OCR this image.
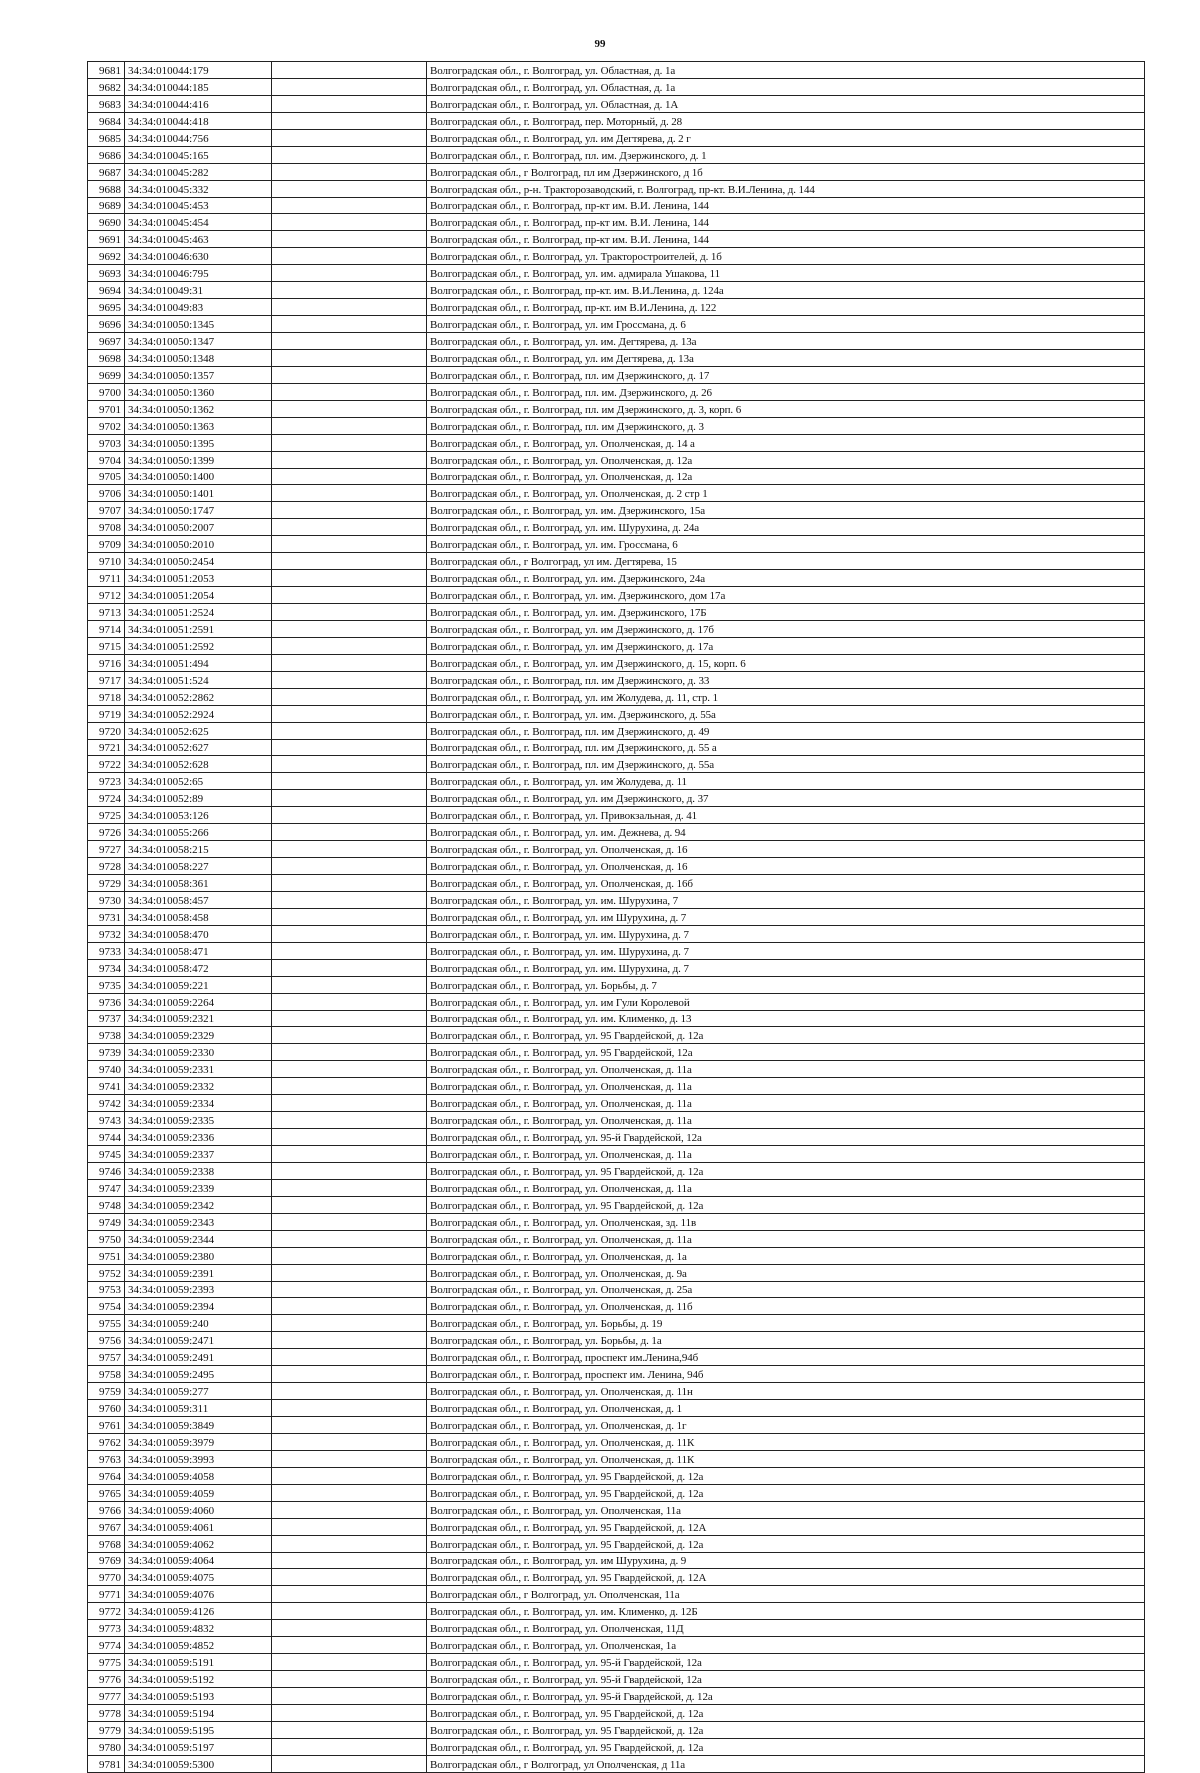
99
9681	34:34:010044:179		Волгоградская обл., г. Волгоград, ул. Областная, д. 1а
9682	34:34:010044:185		Волгоградская обл., г. Волгоград, ул. Областная, д. 1а
9683	34:34:010044:416		Волгоградская обл., г. Волгоград, ул. Областная, д. 1А
9684	34:34:010044:418		Волгоградская обл., г. Волгоград, пер. Моторный, д. 28
9685	34:34:010044:756		Волгоградская обл., г. Волгоград, ул. им Дегтярева, д. 2 г
9686	34:34:010045:165		Волгоградская обл., г. Волгоград, пл. им. Дзержинского, д. 1
9687	34:34:010045:282		Волгоградская обл., г Волгоград, пл им Дзержинского, д 1б
9688	34:34:010045:332		Волгоградская обл., р-н. Тракторозаводский, г. Волгоград, пр-кт. В.И.Ленина, д. 144
9689	34:34:010045:453		Волгоградская обл., г. Волгоград, пр-кт им. В.И. Ленина, 144
9690	34:34:010045:454		Волгоградская обл., г. Волгоград, пр-кт им. В.И. Ленина, 144
9691	34:34:010045:463		Волгоградская обл., г. Волгоград, пр-кт им. В.И. Ленина, 144
9692	34:34:010046:630		Волгоградская обл., г. Волгоград, ул. Тракторостроителей, д. 1б
9693	34:34:010046:795		Волгоградская обл., г. Волгоград, ул. им. адмирала Ушакова, 11
9694	34:34:010049:31		Волгоградская обл., г. Волгоград, пр-кт. им. В.И.Ленина, д. 124а
9695	34:34:010049:83		Волгоградская обл., г. Волгоград, пр-кт. им В.И.Ленина, д. 122
9696	34:34:010050:1345		Волгоградская обл., г. Волгоград, ул. им Гроссмана, д. 6
9697	34:34:010050:1347		Волгоградская обл., г. Волгоград, ул. им. Дегтярева, д. 13а
9698	34:34:010050:1348		Волгоградская обл., г. Волгоград, ул. им Дегтярева, д. 13а
9699	34:34:010050:1357		Волгоградская обл., г. Волгоград, пл. им Дзержинского, д. 17
9700	34:34:010050:1360		Волгоградская обл., г. Волгоград, пл. им. Дзержинского, д. 26
9701	34:34:010050:1362		Волгоградская обл., г. Волгоград, пл. им Дзержинского, д. 3, корп. 6
9702	34:34:010050:1363		Волгоградская обл., г. Волгоград, пл. им Дзержинского, д. 3
9703	34:34:010050:1395		Волгоградская обл., г. Волгоград, ул. Ополченская, д. 14 а
9704	34:34:010050:1399		Волгоградская обл., г. Волгоград, ул. Ополченская, д. 12а
9705	34:34:010050:1400		Волгоградская обл., г. Волгоград, ул. Ополченская, д. 12а
9706	34:34:010050:1401		Волгоградская обл., г. Волгоград, ул. Ополченская, д. 2 стр 1
9707	34:34:010050:1747		Волгоградская обл., г. Волгоград, ул. им. Дзержинского, 15а
9708	34:34:010050:2007		Волгоградская обл., г. Волгоград, ул. им. Шурухина, д. 24а
9709	34:34:010050:2010		Волгоградская обл., г. Волгоград, ул. им. Гроссмана, 6
9710	34:34:010050:2454		Волгоградская обл., г Волгоград, ул им. Дегтярева, 15
9711	34:34:010051:2053		Волгоградская обл., г. Волгоград, ул. им. Дзержинского, 24а
9712	34:34:010051:2054		Волгоградская обл., г. Волгоград, ул. им. Дзержинского, дом 17а
9713	34:34:010051:2524		Волгоградская обл., г. Волгоград, ул. им. Дзержинского, 17Б
9714	34:34:010051:2591		Волгоградская обл., г. Волгоград, ул. им Дзержинского, д. 17б
9715	34:34:010051:2592		Волгоградская обл., г. Волгоград, ул. им Дзержинского, д. 17а
9716	34:34:010051:494		Волгоградская обл., г. Волгоград, ул. им Дзержинского, д. 15, корп. 6
9717	34:34:010051:524		Волгоградская обл., г. Волгоград, пл. им Дзержинского, д. 33
9718	34:34:010052:2862		Волгоградская обл., г. Волгоград, ул. им Жолудева, д. 11, стр. 1
9719	34:34:010052:2924		Волгоградская обл., г. Волгоград, ул. им. Дзержинского, д. 55а
9720	34:34:010052:625		Волгоградская обл., г. Волгоград, пл. им Дзержинского, д. 49
9721	34:34:010052:627		Волгоградская обл., г. Волгоград, пл. им Дзержинского, д. 55 а
9722	34:34:010052:628		Волгоградская обл., г. Волгоград, пл. им Дзержинского, д. 55а
9723	34:34:010052:65		Волгоградская обл., г. Волгоград, ул. им Жолудева, д. 11
9724	34:34:010052:89		Волгоградская обл., г. Волгоград, ул. им Дзержинского, д. 37
9725	34:34:010053:126		Волгоградская обл., г. Волгоград, ул. Привокзальная, д. 41
9726	34:34:010055:266		Волгоградская обл., г. Волгоград, ул. им. Дежнева, д. 94
9727	34:34:010058:215		Волгоградская обл., г. Волгоград, ул. Ополченская, д. 16
9728	34:34:010058:227		Волгоградская обл., г. Волгоград, ул. Ополченская, д. 16
9729	34:34:010058:361		Волгоградская обл., г. Волгоград, ул. Ополченская, д. 16б
9730	34:34:010058:457		Волгоградская обл., г. Волгоград, ул. им. Шурухина, 7
9731	34:34:010058:458		Волгоградская обл., г. Волгоград, ул. им Шурухина, д. 7
9732	34:34:010058:470		Волгоградская обл., г. Волгоград, ул. им. Шурухина, д. 7
9733	34:34:010058:471		Волгоградская обл., г. Волгоград, ул. им. Шурухина, д. 7
9734	34:34:010058:472		Волгоградская обл., г. Волгоград, ул. им. Шурухина, д. 7
9735	34:34:010059:221		Волгоградская обл., г. Волгоград, ул. Борьбы, д. 7
9736	34:34:010059:2264		Волгоградская обл., г. Волгоград, ул. им Гули Королевой
9737	34:34:010059:2321		Волгоградская обл., г. Волгоград, ул. им. Клименко, д. 13
9738	34:34:010059:2329		Волгоградская обл., г. Волгоград, ул. 95 Гвардейской, д. 12а
9739	34:34:010059:2330		Волгоградская обл., г. Волгоград, ул. 95 Гвардейской, 12а
9740	34:34:010059:2331		Волгоградская обл., г. Волгоград, ул. Ополченская, д. 11а
9741	34:34:010059:2332		Волгоградская обл., г. Волгоград, ул. Ополченская, д. 11а
9742	34:34:010059:2334		Волгоградская обл., г. Волгоград, ул. Ополченская, д. 11а
9743	34:34:010059:2335		Волгоградская обл., г. Волгоград, ул. Ополченская, д. 11а
9744	34:34:010059:2336		Волгоградская обл., г. Волгоград, ул. 95-й Гвардейской, 12а
9745	34:34:010059:2337		Волгоградская обл., г. Волгоград, ул. Ополченская, д. 11а
9746	34:34:010059:2338		Волгоградская обл., г. Волгоград, ул. 95 Гвардейской, д. 12а
9747	34:34:010059:2339		Волгоградская обл., г. Волгоград, ул. Ополченская, д. 11а
9748	34:34:010059:2342		Волгоградская обл., г. Волгоград, ул. 95 Гвардейской, д. 12а
9749	34:34:010059:2343		Волгоградская обл., г. Волгоград, ул. Ополченская, зд. 11в
9750	34:34:010059:2344		Волгоградская обл., г. Волгоград, ул. Ополченская, д. 11а
9751	34:34:010059:2380		Волгоградская обл., г. Волгоград, ул. Ополченская, д. 1а
9752	34:34:010059:2391		Волгоградская обл., г. Волгоград, ул. Ополченская, д. 9а
9753	34:34:010059:2393		Волгоградская обл., г. Волгоград, ул. Ополченская, д. 25а
9754	34:34:010059:2394		Волгоградская обл., г. Волгоград, ул. Ополченская, д. 11б
9755	34:34:010059:240		Волгоградская обл., г. Волгоград, ул. Борьбы, д. 19
9756	34:34:010059:2471		Волгоградская обл., г. Волгоград, ул. Борьбы, д. 1а
9757	34:34:010059:2491		Волгоградская обл., г. Волгоград, проспект им.Ленина,94б
9758	34:34:010059:2495		Волгоградская обл., г. Волгоград, проспект им. Ленина, 94б
9759	34:34:010059:277		Волгоградская обл., г. Волгоград, ул. Ополченская, д. 11н
9760	34:34:010059:311		Волгоградская обл., г. Волгоград, ул. Ополченская, д. 1
9761	34:34:010059:3849		Волгоградская обл., г. Волгоград, ул. Ополченская, д. 1г
9762	34:34:010059:3979		Волгоградская обл., г. Волгоград, ул. Ополченская, д. 11К
9763	34:34:010059:3993		Волгоградская обл., г. Волгоград, ул. Ополченская, д. 11К
9764	34:34:010059:4058		Волгоградская обл., г. Волгоград, ул. 95 Гвардейской, д. 12а
9765	34:34:010059:4059		Волгоградская обл., г. Волгоград, ул. 95 Гвардейской, д. 12а
9766	34:34:010059:4060		Волгоградская обл., г. Волгоград, ул. Ополченская, 11а
9767	34:34:010059:4061		Волгоградская обл., г. Волгоград, ул. 95 Гвардейской, д. 12А
9768	34:34:010059:4062		Волгоградская обл., г. Волгоград, ул. 95 Гвардейской, д. 12а
9769	34:34:010059:4064		Волгоградская обл., г. Волгоград, ул. им Шурухина, д. 9
9770	34:34:010059:4075		Волгоградская обл., г. Волгоград, ул. 95 Гвардейской, д. 12А
9771	34:34:010059:4076		Волгоградская обл., г Волгоград, ул. Ополченская, 11а
9772	34:34:010059:4126		Волгоградская обл., г. Волгоград, ул. им. Клименко, д. 12Б
9773	34:34:010059:4832		Волгоградская обл., г. Волгоград, ул. Ополченская, 11Д
9774	34:34:010059:4852		Волгоградская обл., г. Волгоград, ул. Ополченская, 1а
9775	34:34:010059:5191		Волгоградская обл., г. Волгоград, ул. 95-й Гвардейской, 12а
9776	34:34:010059:5192		Волгоградская обл., г. Волгоград, ул. 95-й Гвардейской, 12а
9777	34:34:010059:5193		Волгоградская обл., г. Волгоград, ул. 95-й Гвардейской, д. 12а
9778	34:34:010059:5194		Волгоградская обл., г. Волгоград, ул. 95 Гвардейской, д. 12а
9779	34:34:010059:5195		Волгоградская обл., г. Волгоград, ул. 95 Гвардейской, д. 12а
9780	34:34:010059:5197		Волгоградская обл., г. Волгоград, ул. 95 Гвардейской, д. 12а
9781	34:34:010059:5300		Волгоградская обл., г Волгоград, ул Ополченская, д 11а
